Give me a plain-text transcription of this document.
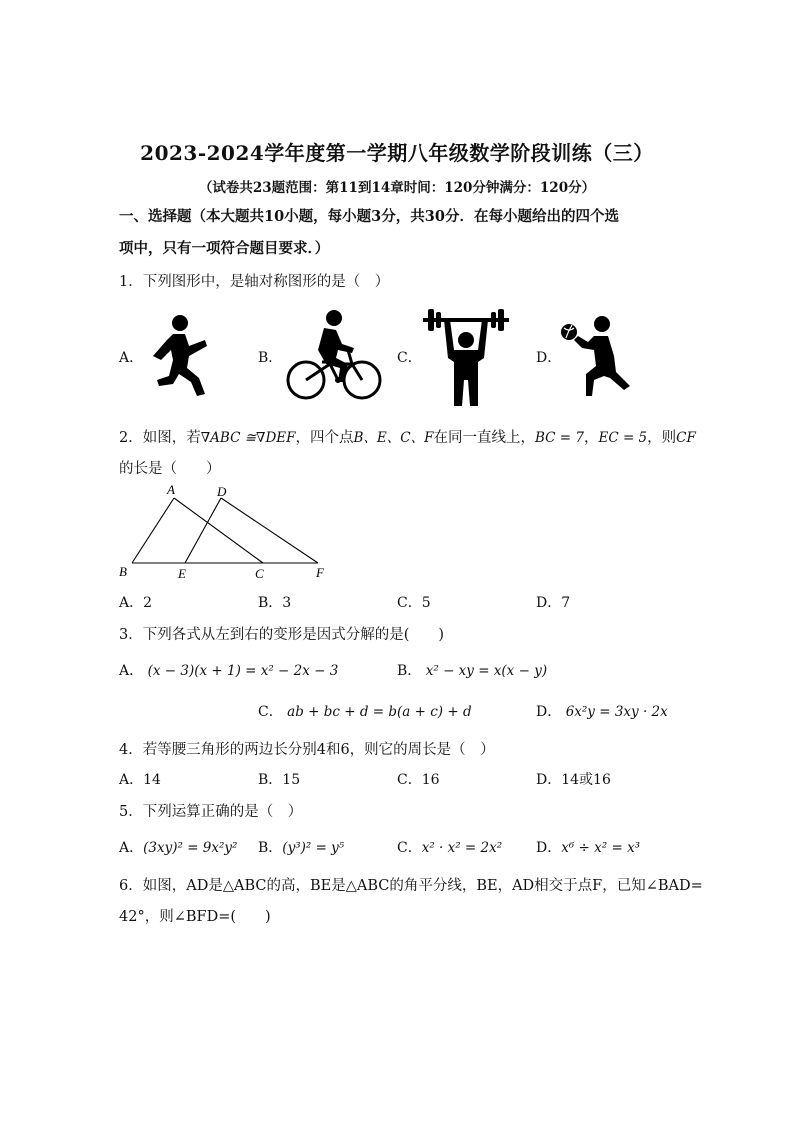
2023-2024学年度第一学期八年级数学阶段训练（三）
（试卷共23题范围：第11到14章时间：120分钟满分：120分）
一、选择题（本大题共10小题，每小题3分，共30分．在每小题给出的四个选
项中，只有一项符合题目要求．）
1．下列图形中，是轴对称图形的是（　）
A．	B．	C．	D．
2．如图，若∇ABC ≅∇DEF，四个点B、E、C、F在同一直线上，BC = 7，EC = 5，则CF
的长是（　　）
A	D
B	E	C	F
A．2	B．3	C．5	D．7
3．下列各式从左到右的变形是因式分解的是(　　)
A． (x − 3)(x + 1) = x² − 2x − 3	B． x² − xy = x(x − y)
C． ab + bc + d = b(a + c) + d	D． 6x²y = 3xy · 2x
4．若等腰三角形的两边长分别4和6，则它的周长是（　）
A．14	B．15	C．16	D．14或16
5．下列运算正确的是（　）
A．(3xy)² = 9x²y² B．(y³)² = y⁵	C．x² · x² = 2x² D．x⁶ ÷ x² = x³
6．如图，AD是△ABC的高，BE是△ABC的角平分线，BE，AD相交于点F，已知∠BAD=
42°，则∠BFD=(　　)
